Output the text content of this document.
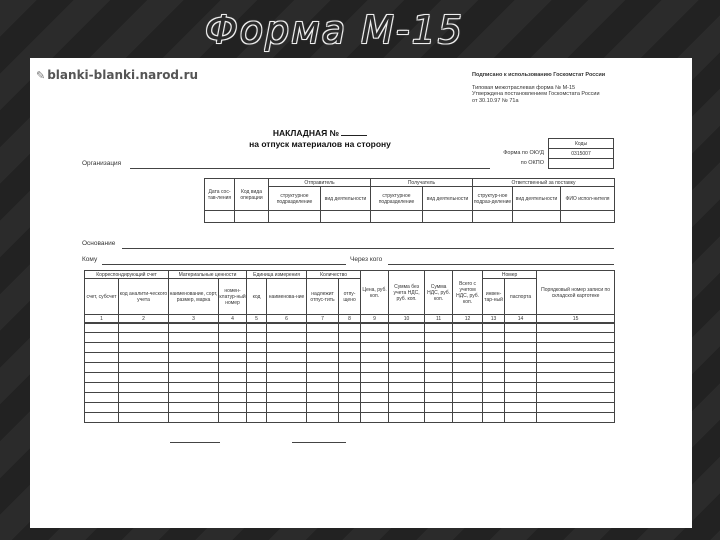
Форма М-15
✎ blanki-blanki.narod.ru	Подписано к использованию Госкомстат России
Типовая межотраслевая форма № М-15
Утверждена постановлением Госкомстата России
от 30.10.97 № 71а
НАКЛАДНАЯ №
на отпуск материалов на сторону	Коды
0315007

Форма по ОКУД
по ОКПО
Организация
Дата сос-тав-ления	Код вида операции	Отправитель		Получатель		Ответственный за поставку		
		структурное подразделение	вид деятельности	структурное подразделение	вид деятельности	структур-ное подраз-деление	вид деятельности	ФИО испол-нителя

Основание
Кому	Через кого
Корреспондирующий счет		Материальные ценности		Единица измерения		Количество		Цена, руб. коп.	Сумма без учета НДС, руб. коп.	Сумма НДС, руб. коп.	Всего с учетом НДС, руб. коп.	Номер		Порядковый номер записи по складской картотеке
счет, субсчет	код аналити-ческого учета	наименование, сорт, размер, марка	номен-клатур-ный номер	код	наименова-ние	надлежит отпус-тить	отпу-щено					инвен-тар-ный	паспорта	
1	2	3	4	5	6	7	8	9	10	11	12	13	14	15
